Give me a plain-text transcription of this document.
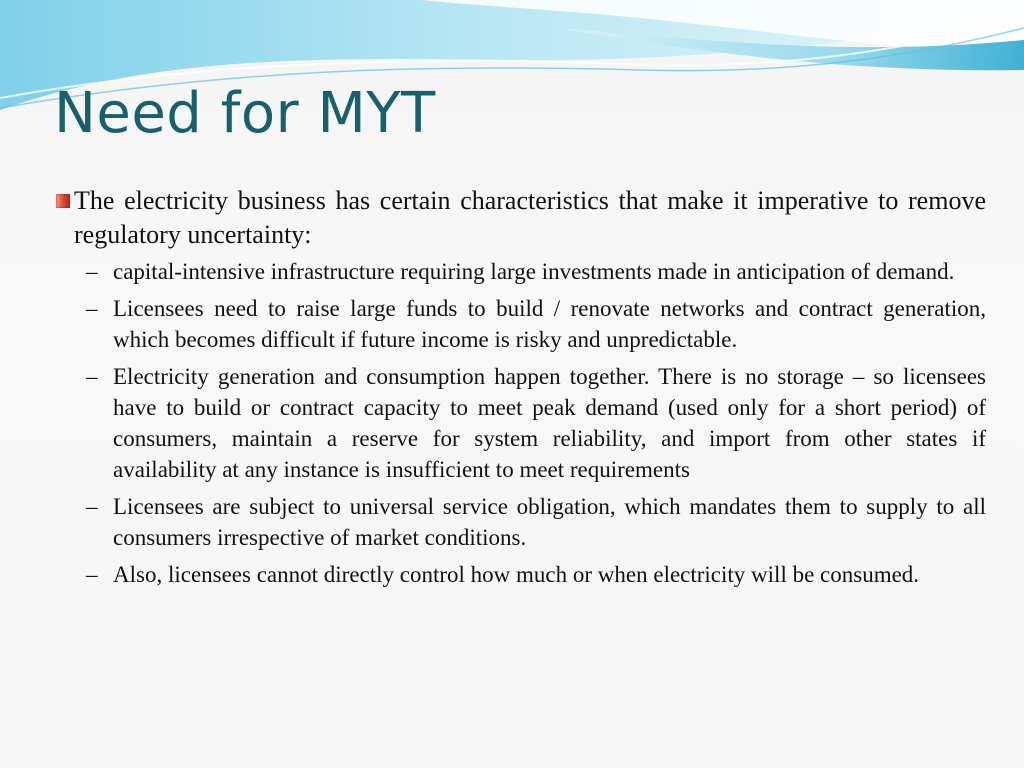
Need for MYT
The electricity business has certain characteristics that make it imperative to remove regulatory uncertainty:
– capital-intensive infrastructure requiring large investments made in anticipation of demand.
– Licensees need to raise large funds to build / renovate networks and contract generation, which becomes difficult if future income is risky and unpredictable.
– Electricity generation and consumption happen together. There is no storage – so licensees have to build or contract capacity to meet peak demand (used only for a short period) of consumers, maintain a reserve for system reliability, and import from other states if availability at any instance is insufficient to meet requirements
– Licensees are subject to universal service obligation, which mandates them to supply to all consumers irrespective of market conditions.
– Also, licensees cannot directly control how much or when electricity will be consumed.
